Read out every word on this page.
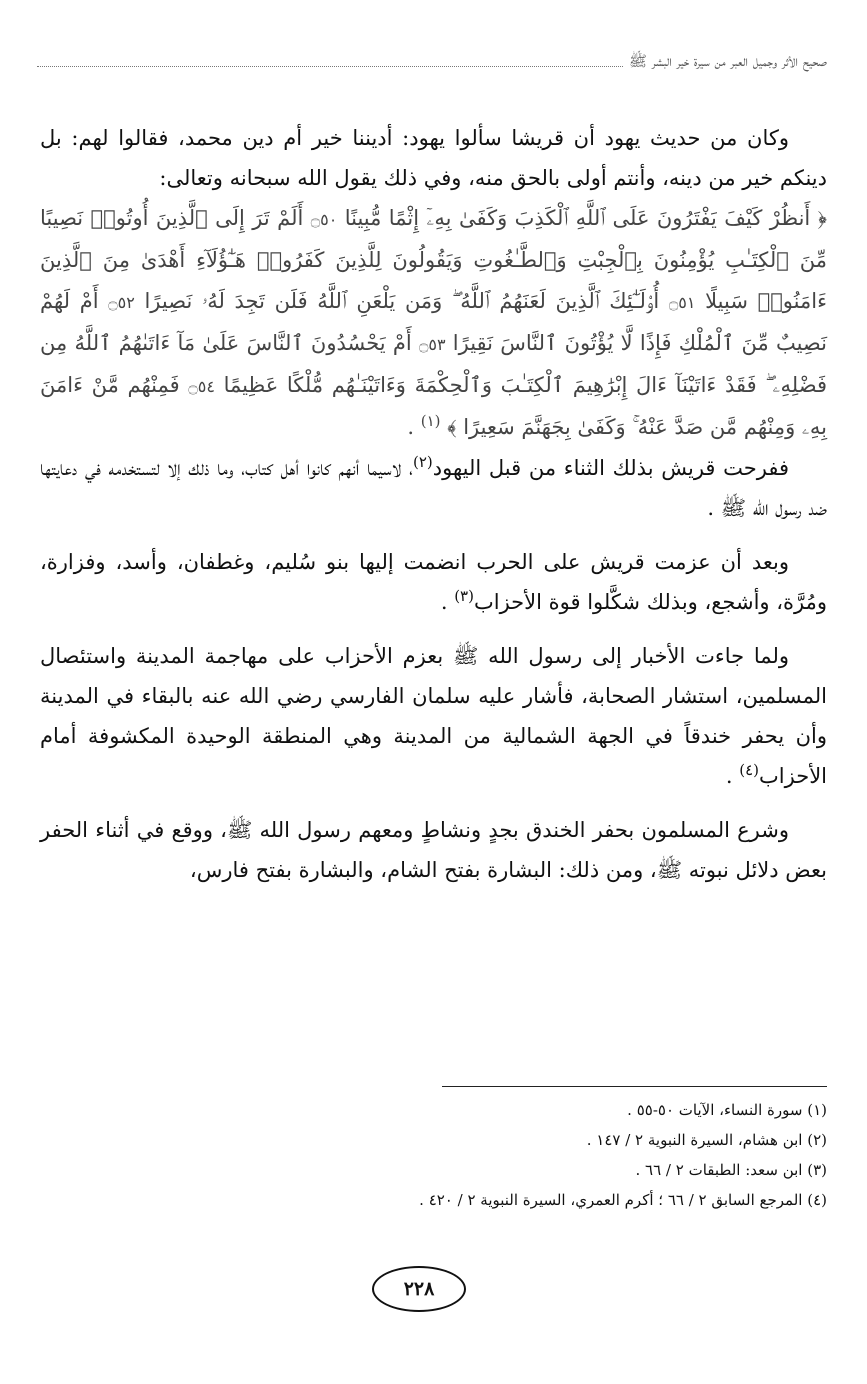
صحيح الأثر وجميل العبر من سيرة خير البشر ﷺ
وكان من حديث يهود أن قريشا سألوا يهود: أديننا خير أم دين محمد، فقالوا لهم: بل دينكم خير من دينه، وأنتم أولى بالحق منه، وفي ذلك يقول الله سبحانه وتعالى:
﴿ أَنظُرْ كَيْفَ يَفْتَرُونَ عَلَى ٱللَّهِ ٱلْكَذِبَ وَكَفَىٰ بِهِۦٓ إِثْمًا مُّبِينًا ۝٥٠ أَلَمْ تَرَ إِلَى ٱلَّذِينَ أُوتُوا۟ نَصِيبًا مِّنَ ٱلْكِتَـٰبِ يُؤْمِنُونَ بِٱلْجِبْتِ وَٱلطَّـٰغُوتِ وَيَقُولُونَ لِلَّذِينَ كَفَرُوا۟ هَـٰٓؤُلَآءِ أَهْدَىٰ مِنَ ٱلَّذِينَ ءَامَنُوا۟ سَبِيلًا ۝٥١ أُو۟لَـٰٓئِكَ ٱلَّذِينَ لَعَنَهُمُ ٱللَّهُ ۖ وَمَن يَلْعَنِ ٱللَّهُ فَلَن تَجِدَ لَهُۥ نَصِيرًا ۝٥٢ أَمْ لَهُمْ نَصِيبٌ مِّنَ ٱلْمُلْكِ فَإِذًا لَّا يُؤْتُونَ ٱلنَّاسَ نَقِيرًا ۝٥٣ أَمْ يَحْسُدُونَ ٱلنَّاسَ عَلَىٰ مَآ ءَاتَىٰهُمُ ٱللَّهُ مِن فَضْلِهِۦ ۖ فَقَدْ ءَاتَيْنَآ ءَالَ إِبْرَٰهِيمَ ٱلْكِتَـٰبَ وَٱلْحِكْمَةَ وَءَاتَيْنَـٰهُم مُّلْكًا عَظِيمًا ۝٥٤ فَمِنْهُم مَّنْ ءَامَنَ بِهِۦ وَمِنْهُم مَّن صَدَّ عَنْهُ ۚ وَكَفَىٰ بِجَهَنَّمَ سَعِيرًا ﴾ $^{(١)}$ .
ففرحت قريش بذلك الثناء من قبل اليهود$^{(٢)}$، لاسيما أنهم كانوا أهل كتاب، وما ذلك إلا لتستخدمه في دعايتها ضد رسول الله ﷺ .
وبعد أن عزمت قريش على الحرب انضمت إليها بنو سُليم، وغطفان، وأسد، وفزارة، ومُرَّة، وأشجع، وبذلك شكَّلوا قوة الأحزاب$^{(٣)}$ .
ولما جاءت الأخبار إلى رسول الله ﷺ بعزم الأحزاب على مهاجمة المدينة واستئصال المسلمين، استشار الصحابة، فأشار عليه سلمان الفارسي رضي الله عنه بالبقاء في المدينة وأن يحفر خندقاً في الجهة الشمالية من المدينة وهي المنطقة الوحيدة المكشوفة أمام الأحزاب$^{(٤)}$ .
وشرع المسلمون بحفر الخندق بجدٍ ونشاطٍ ومعهم رسول الله ﷺ، ووقع في أثناء الحفر بعض دلائل نبوته ﷺ، ومن ذلك: البشارة بفتح الشام، والبشارة بفتح فارس،

(١) سورة النساء، الآيات ٥٠-٥٥ .

(٢) ابن هشام، السيرة النبوية ٢ / ١٤٧ .

(٣) ابن سعد: الطبقات ٢ / ٦٦ .

(٤) المرجع السابق ٢ / ٦٦ ؛ أكرم العمري، السيرة النبوية ٢ / ٤٢٠ .

٢٢٨
